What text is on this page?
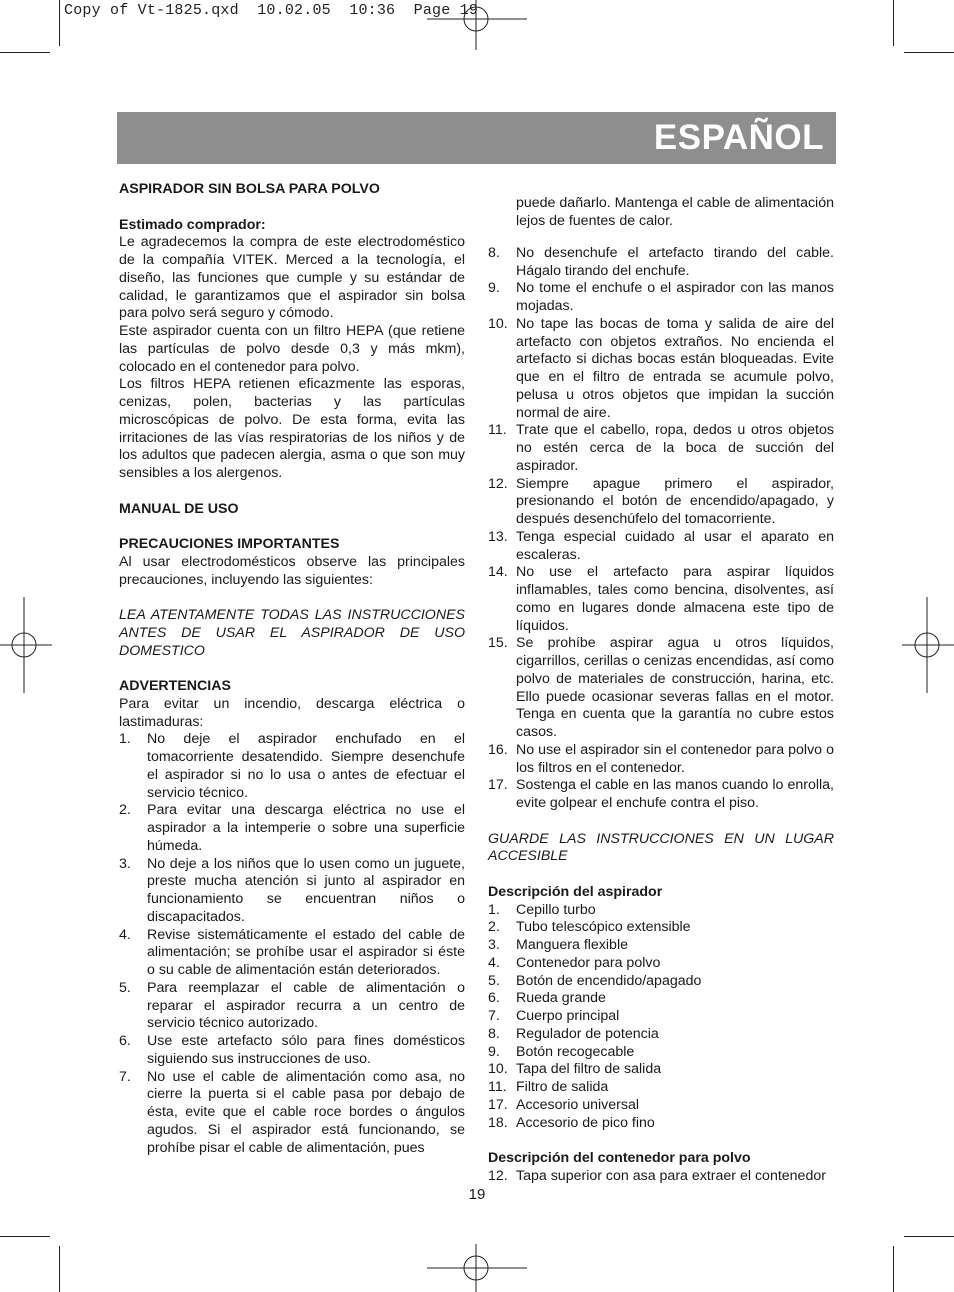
Copy of Vt-1825.qxd  10.02.05  10:36  Page 19
ESPAÑOL

ASPIRADOR SIN BOLSA PARA POLVO

Estimado comprador:

Le agradecemos la compra de este electrodoméstico de la compañía VITEK. Merced a la tecnología, el diseño, las funciones que cumple y su estándar de calidad, le garantizamos que el aspirador sin bolsa para polvo será seguro y cómodo.

Este aspirador cuenta con un filtro HEPA (que retiene las partículas de polvo desde 0,3 y más mkm), colocado en el contenedor para polvo.

Los filtros HEPA retienen eficazmente las esporas, cenizas, polen, bacterias y las partículas microscópicas de polvo. De esta forma, evita las irritaciones de las vías respiratorias de los niños y de los adultos que padecen alergia, asma o que son muy sensibles a los alergenos.

MANUAL DE USO

PRECAUCIONES IMPORTANTES

Al usar electrodomésticos observe las principales precauciones, incluyendo las siguientes:

LEA ATENTAMENTE TODAS LAS INSTRUCCIONES ANTES DE USAR EL ASPIRADOR DE USO DOMESTICO

ADVERTENCIAS

Para evitar un incendio, descarga eléctrica o lastimaduras:

1.	No deje el aspirador enchufado en el tomacorriente desatendido. Siempre desenchufe el aspirador si no lo usa o antes de efectuar el servicio técnico.
2.	Para evitar una descarga eléctrica no use el aspirador a la intemperie o sobre una superficie húmeda.
3.	No deje a los niños que lo usen como un juguete, preste mucha atención si junto al aspirador en funcionamiento se encuentran niños o discapacitados.
4.	Revise sistemáticamente el estado del cable de alimentación; se prohíbe usar el aspirador si éste o su cable de alimentación están deteriorados.
5.	Para reemplazar el cable de alimentación o reparar el aspirador recurra a un centro de servicio técnico autorizado.
6.	Use este artefacto sólo para fines domésticos siguiendo sus instrucciones de uso.
7.	No use el cable de alimentación como asa, no cierre la puerta si el cable pasa por debajo de ésta, evite que el cable roce bordes o ángulos agudos. Si el aspirador está funcionando, se prohíbe pisar el cable de alimentación, pues

puede dañarlo. Mantenga el cable de alimentación lejos de fuentes de calor.

8.	No desenchufe el artefacto tirando del cable. Hágalo tirando del enchufe.
9.	No tome el enchufe o el aspirador con las manos mojadas.
10. No tape las bocas de toma y salida de aire del artefacto con objetos extraños. No encienda el artefacto si dichas bocas están bloqueadas. Evite que en el filtro de entrada se acumule polvo, pelusa u otros objetos que impidan la succión normal de aire.
11. Trate que el cabello, ropa, dedos u otros objetos no estén cerca de la boca de succión del aspirador.
12. Siempre apague primero el aspirador, presionando el botón de encendido/apagado, y después desenchúfelo del tomacorriente.
13. Tenga especial cuidado al usar el aparato en escaleras.
14. No use el artefacto para aspirar líquidos inflamables, tales como bencina, disolventes, así como en lugares donde almacena este tipo de líquidos.
15. Se prohíbe aspirar agua u otros líquidos, cigarrillos, cerillas o cenizas encendidas, así como polvo de materiales de construcción, harina, etc. Ello puede ocasionar severas fallas en el motor. Tenga en cuenta que la garantía no cubre estos casos.
16. No use el aspirador sin el contenedor para polvo o los filtros en el contenedor.
17. Sostenga el cable en las manos cuando lo enrolla, evite golpear el enchufe contra el piso.

GUARDE LAS INSTRUCCIONES EN UN LUGAR ACCESIBLE

Descripción del aspirador

1.	Cepillo turbo
2.	Tubo telescópico extensible
3.	Manguera flexible
4.	Contenedor para polvo
5.	Botón de encendido/apagado
6.	Rueda grande
7.	Cuerpo principal
8.	Regulador de potencia
9.	Botón recogecable
10. Tapa del filtro de salida
11. Filtro de salida
17. Accesorio universal
18. Accesorio de pico fino

Descripción del contenedor para polvo

12. Tapa superior con asa para extraer el contenedor
19
